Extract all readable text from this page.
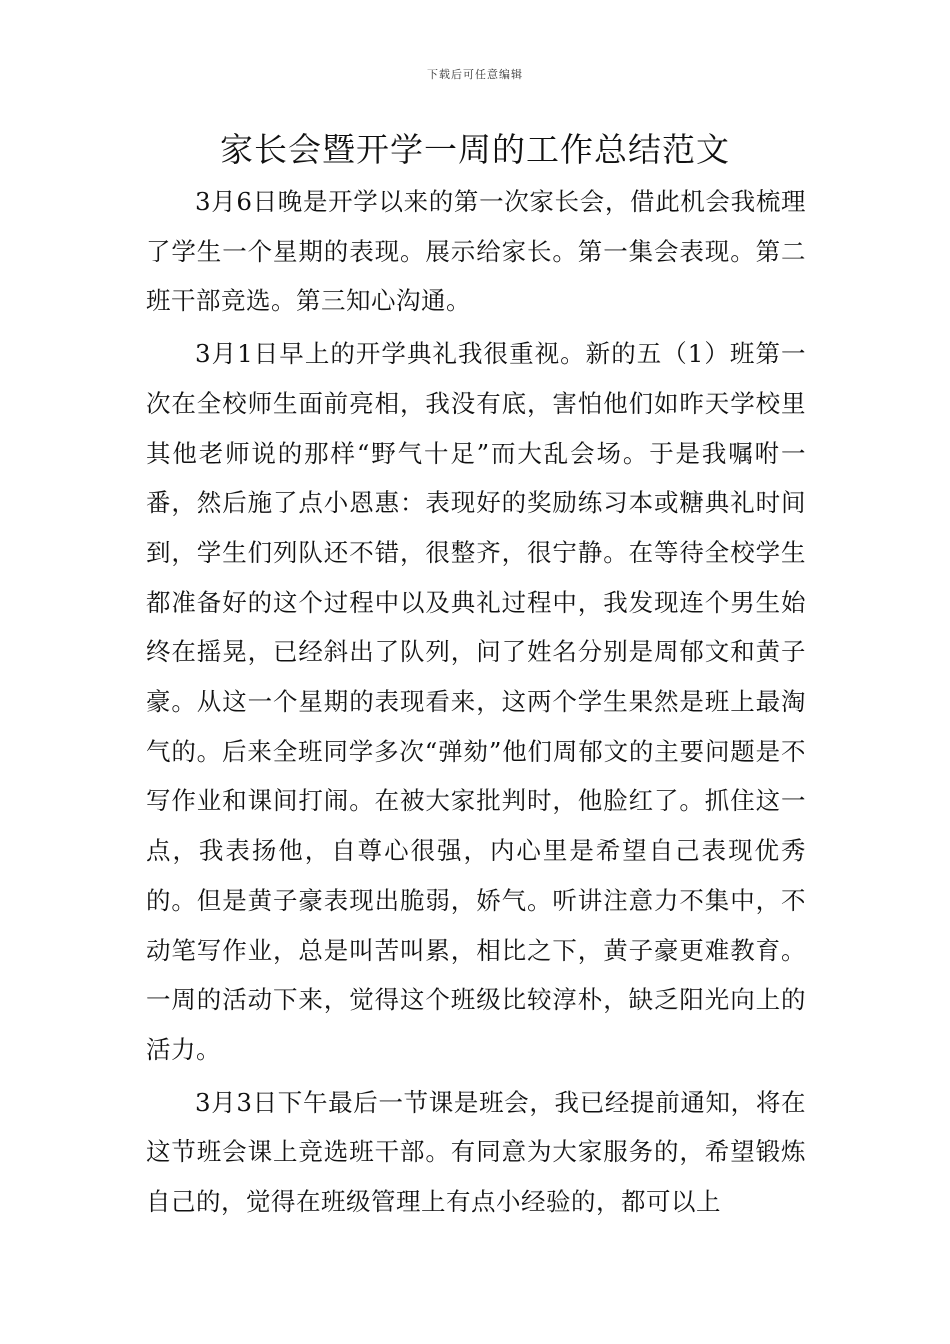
下载后可任意编辑
家长会暨开学一周的工作总结范文

3月6日晚是开学以来的第一次家长会，借此机会我梳理了学生一个星期的表现。展示给家长。第一集会表现。第二班干部竞选。第三知心沟通。

3月1日早上的开学典礼我很重视。新的五（1）班第一次在全校师生面前亮相，我没有底，害怕他们如昨天学校里其他老师说的那样“野气十足”而大乱会场。于是我嘱咐一番，然后施了点小恩惠：表现好的奖励练习本或糖典礼时间到，学生们列队还不错，很整齐，很宁静。在等待全校学生都准备好的这个过程中以及典礼过程中，我发现连个男生始终在摇晃，已经斜出了队列，问了姓名分别是周郁文和黄子豪。从这一个星期的表现看来，这两个学生果然是班上最淘气的。后来全班同学多次“弹劾”他们周郁文的主要问题是不写作业和课间打闹。在被大家批判时，他脸红了。抓住这一点，我表扬他，自尊心很强，内心里是希望自己表现优秀的。但是黄子豪表现出脆弱，娇气。听讲注意力不集中，不动笔写作业，总是叫苦叫累，相比之下，黄子豪更难教育。一周的活动下来，觉得这个班级比较淳朴，缺乏阳光向上的活力。

3月3日下午最后一节课是班会，我已经提前通知，将在这节班会课上竞选班干部。有同意为大家服务的，希望锻炼自己的，觉得在班级管理上有点小经验的，都可以上
